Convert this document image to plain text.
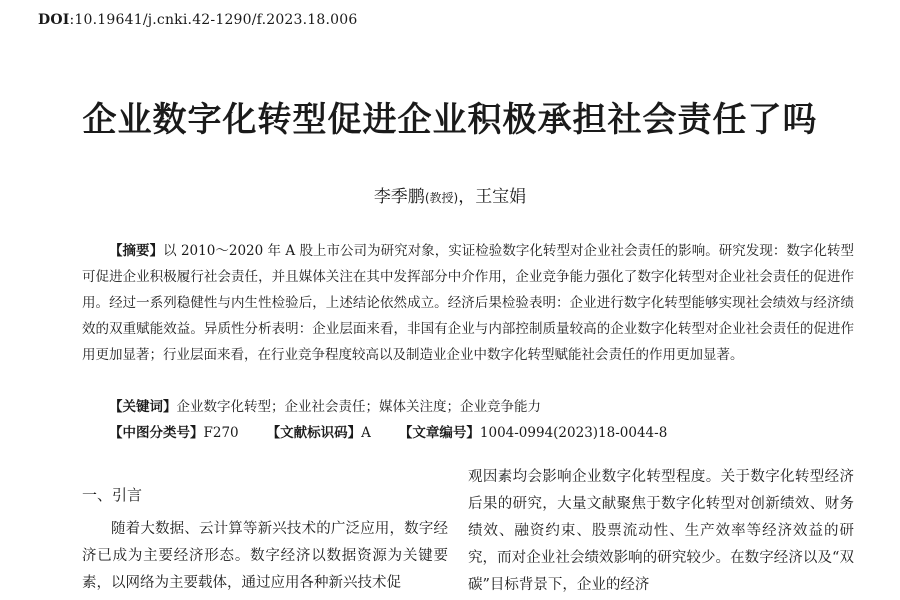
DOI:10.19641/j.cnki.42-1290/f.2023.18.006
企业数字化转型促进企业积极承担社会责任了吗
李季鹏(教授)，王宝娟

【摘要】以 2010～2020 年 A 股上市公司为研究对象，实证检验数字化转型对企业社会责任的影响。研究发现：数字化转型可促进企业积极履行社会责任，并且媒体关注在其中发挥部分中介作用，企业竞争能力强化了数字化转型对企业社会责任的促进作用。经过一系列稳健性与内生性检验后，上述结论依然成立。经济后果检验表明：企业进行数字化转型能够实现社会绩效与经济绩效的双重赋能效益。异质性分析表明：企业层面来看，非国有企业与内部控制质量较高的企业数字化转型对企业社会责任的促进作用更加显著；行业层面来看，在行业竞争程度较高以及制造业企业中数字化转型赋能社会责任的作用更加显著。

【关键词】企业数字化转型；企业社会责任；媒体关注度；企业竞争能力
【中图分类号】F270 【文献标识码】A 【文章编号】1004-0994(2023)18-0044-8
一、引言

随着大数据、云计算等新兴技术的广泛应用，数字经济已成为主要经济形态。数字经济以数据资源为关键要素，以网络为主要载体，通过应用各种新兴技术促

观因素均会影响企业数字化转型程度。关于数字化转型经济后果的研究，大量文献聚焦于数字化转型对创新绩效、财务绩效、融资约束、股票流动性、生产效率等经济效益的研究，而对企业社会绩效影响的研究较少。在数字经济以及“双碳”目标背景下，企业的经济
